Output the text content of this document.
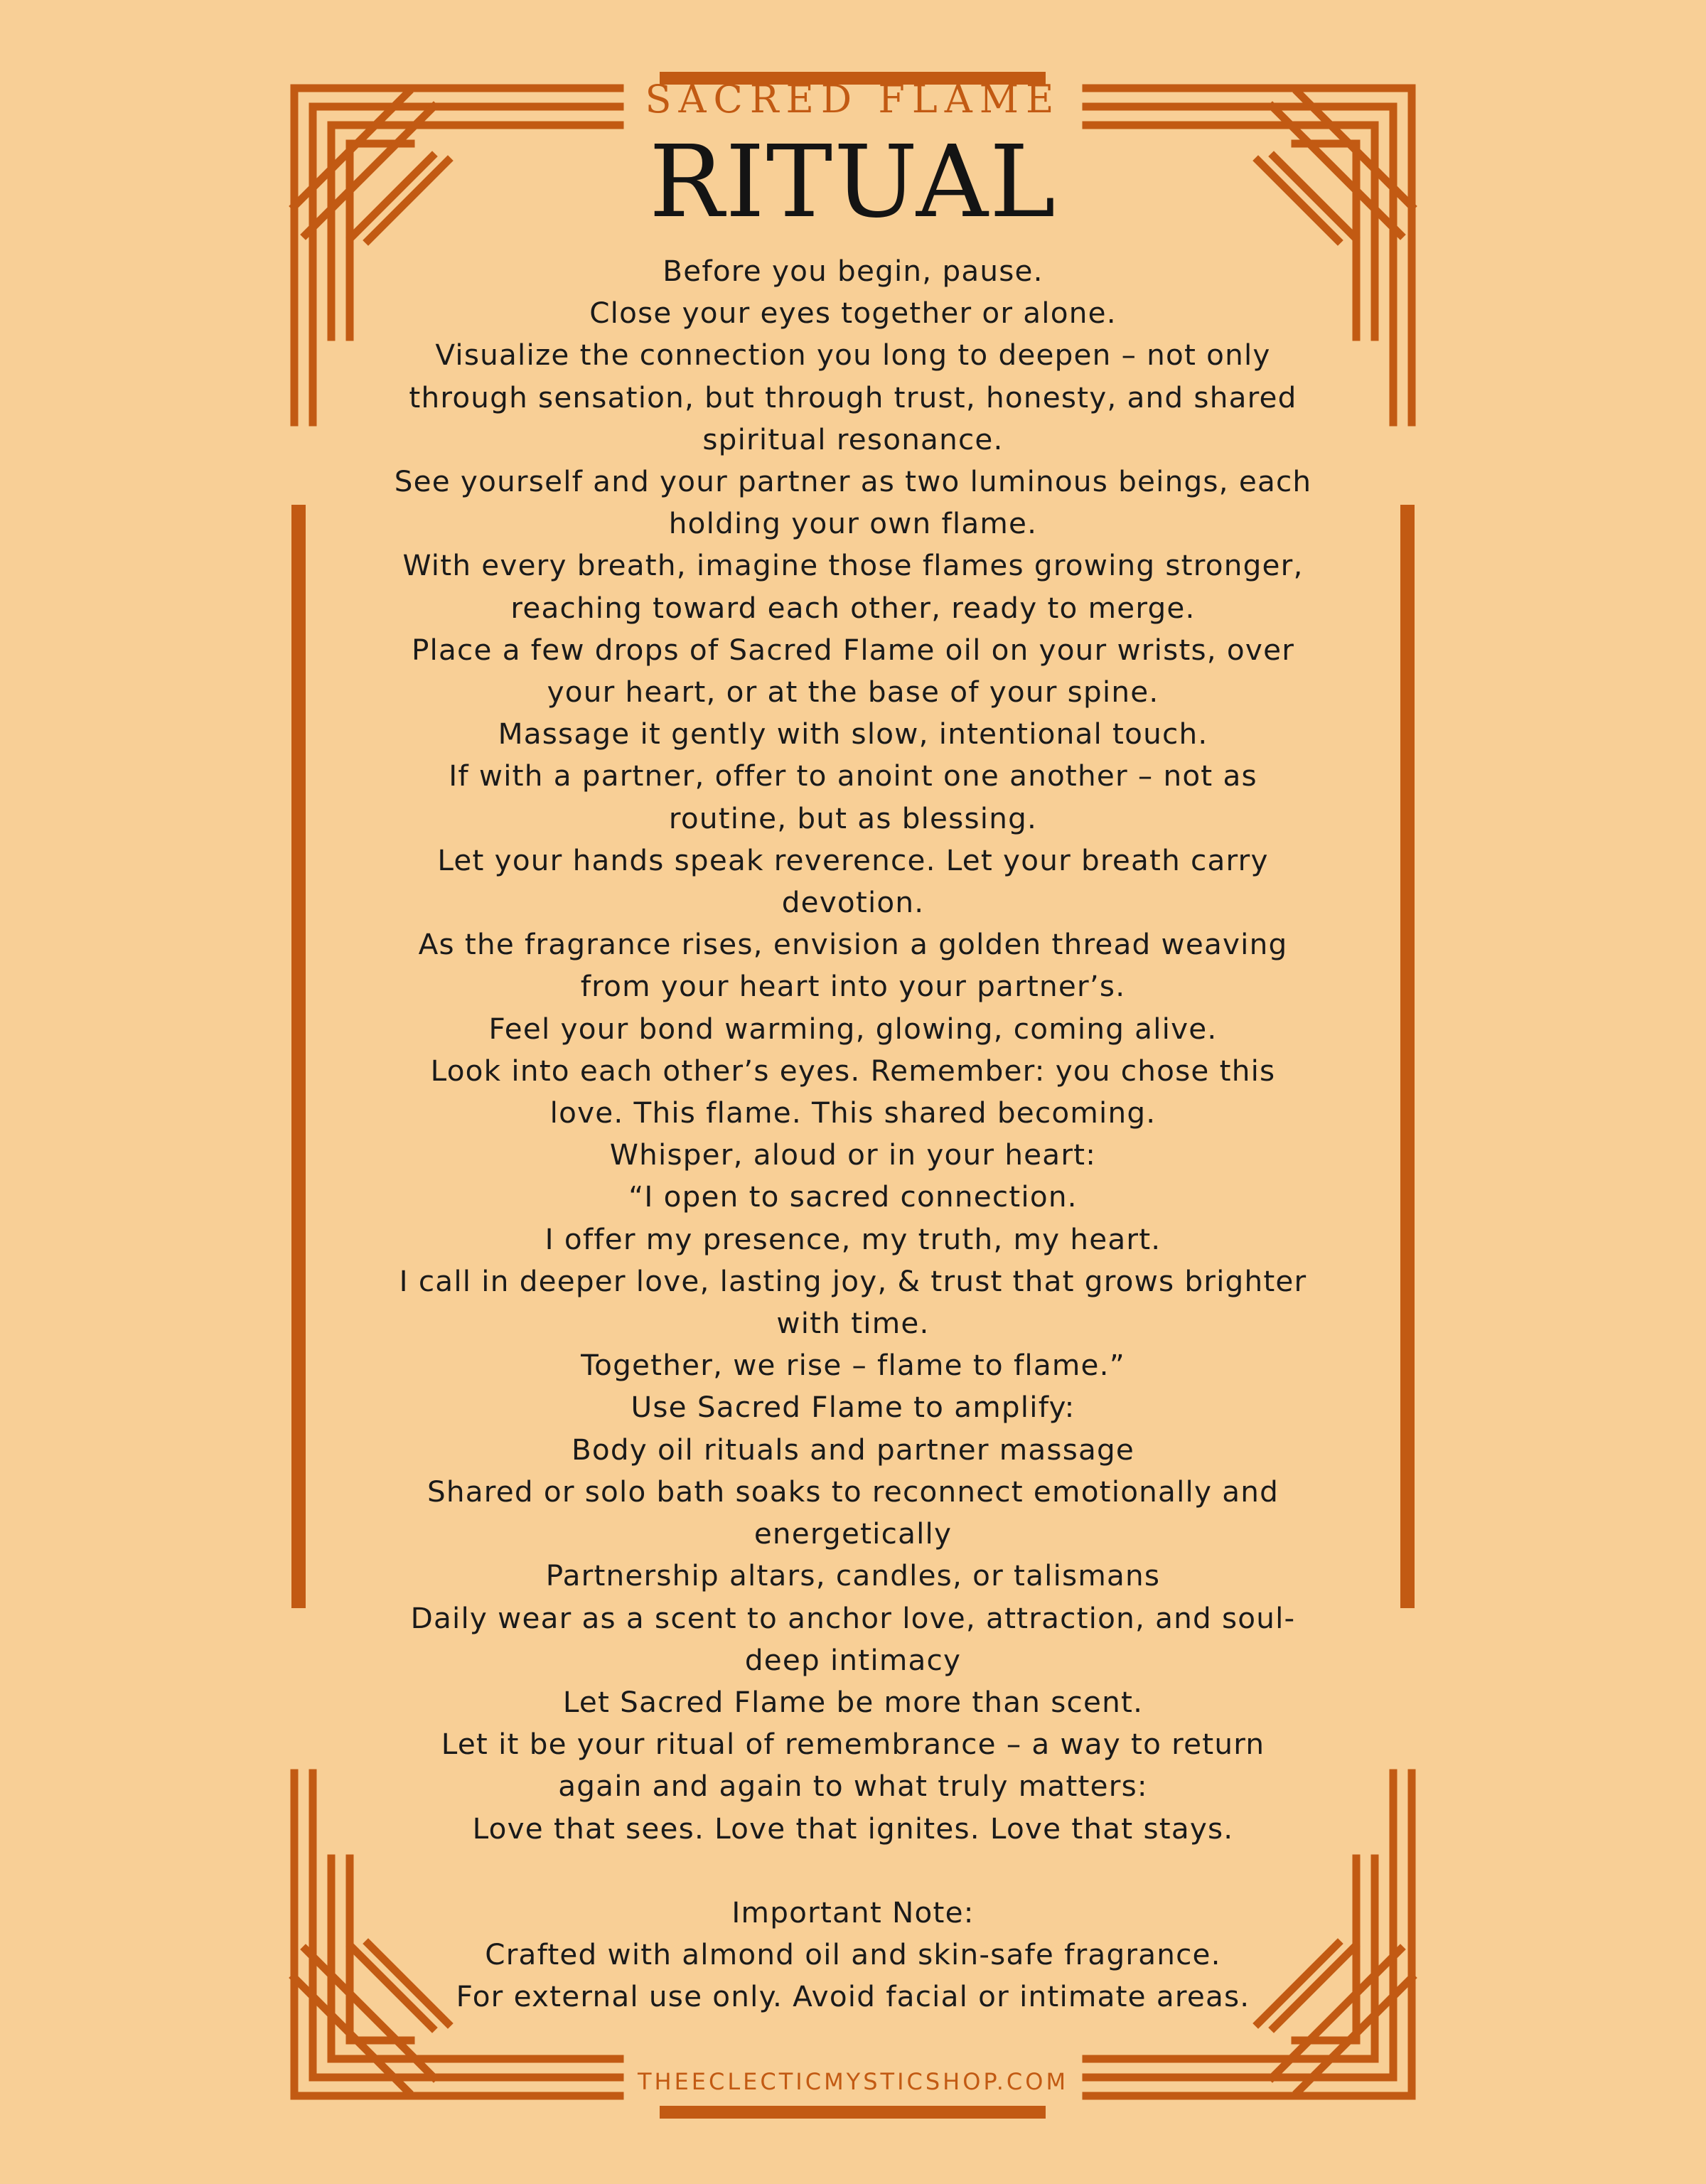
SACRED FLAME
RITUAL
Before you begin, pause.
Close your eyes together or alone.
Visualize the connection you long to deepen – not only
through sensation, but through trust, honesty, and shared
spiritual resonance.
See yourself and your partner as two luminous beings, each
holding your own flame.
With every breath, imagine those flames growing stronger,
reaching toward each other, ready to merge.
Place a few drops of Sacred Flame oil on your wrists, over
your heart, or at the base of your spine.
Massage it gently with slow, intentional touch.
If with a partner, offer to anoint one another – not as
routine, but as blessing.
Let your hands speak reverence. Let your breath carry
devotion.
As the fragrance rises, envision a golden thread weaving
from your heart into your partner’s.
Feel your bond warming, glowing, coming alive.
Look into each other’s eyes. Remember: you chose this
love. This flame. This shared becoming.
Whisper, aloud or in your heart:
“I open to sacred connection.
I offer my presence, my truth, my heart.
I call in deeper love, lasting joy, & trust that grows brighter
with time.
Together, we rise – flame to flame.”
Use Sacred Flame to amplify:
Body oil rituals and partner massage
Shared or solo bath soaks to reconnect emotionally and
energetically
Partnership altars, candles, or talismans
Daily wear as a scent to anchor love, attraction, and soul-
deep intimacy
Let Sacred Flame be more than scent.
Let it be your ritual of remembrance – a way to return
again and again to what truly matters:
Love that sees. Love that ignites. Love that stays.
Important Note:
Crafted with almond oil and skin-safe fragrance.
For external use only. Avoid facial or intimate areas.
THEECLECTICMYSTICSHOP.COM
